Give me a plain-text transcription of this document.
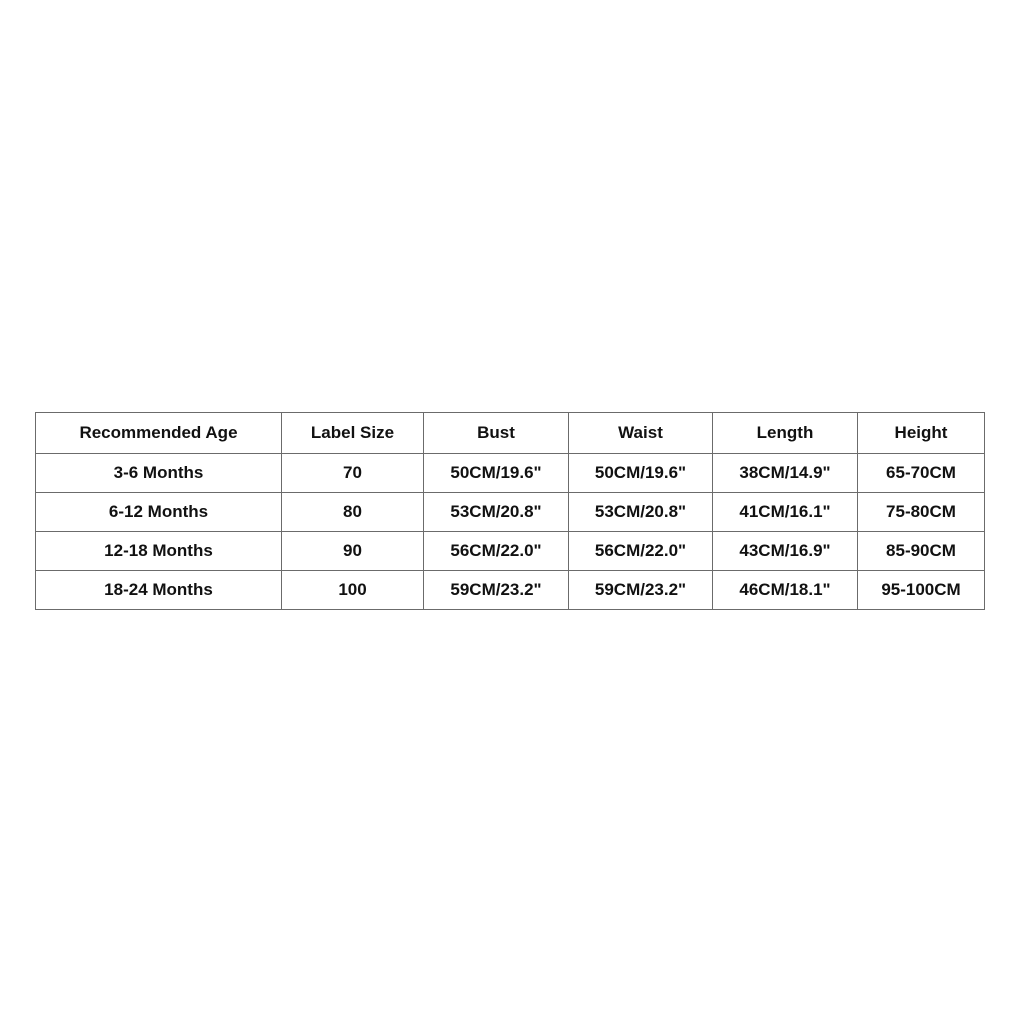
Recommended Age	Label Size	Bust	Waist	Length	Height
3-6 Months	70	50CM/19.6"	50CM/19.6"	38CM/14.9"	65-70CM
6-12 Months	80	53CM/20.8"	53CM/20.8"	41CM/16.1"	75-80CM
12-18 Months	90	56CM/22.0"	56CM/22.0"	43CM/16.9"	85-90CM
18-24 Months	100	59CM/23.2"	59CM/23.2"	46CM/18.1"	95-100CM
